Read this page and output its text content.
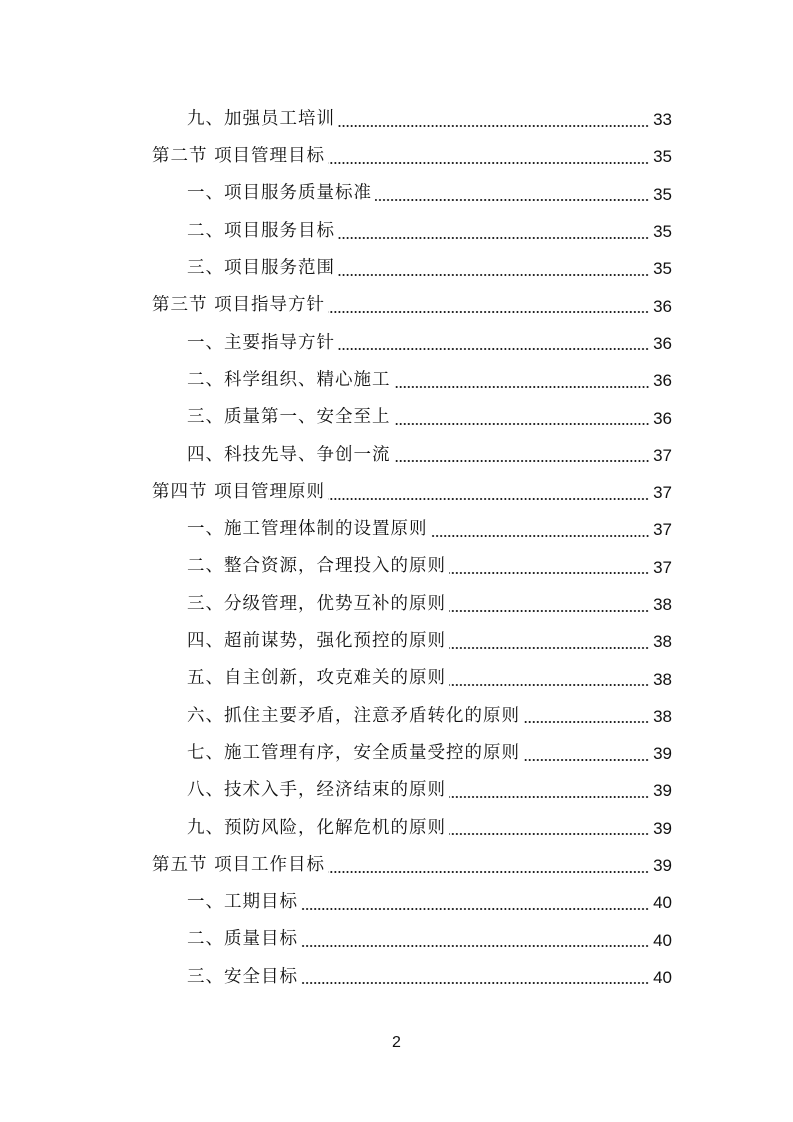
九、加强员工培训	33
第二节 项目管理目标	35
一、项目服务质量标准	35
二、项目服务目标	35
三、项目服务范围	35
第三节 项目指导方针	36
一、主要指导方针	36
二、科学组织、精心施工	36
三、质量第一、安全至上	36
四、科技先导、争创一流	37
第四节 项目管理原则	37
一、施工管理体制的设置原则	37
二、整合资源，合理投入的原则	37
三、分级管理，优势互补的原则	38
四、超前谋势，强化预控的原则	38
五、自主创新，攻克难关的原则	38
六、抓住主要矛盾，注意矛盾转化的原则	38
七、施工管理有序，安全质量受控的原则	39
八、技术入手，经济结束的原则	39
九、预防风险，化解危机的原则	39
第五节 项目工作目标	39
一、工期目标	40
二、质量目标	40
三、安全目标	40
2
